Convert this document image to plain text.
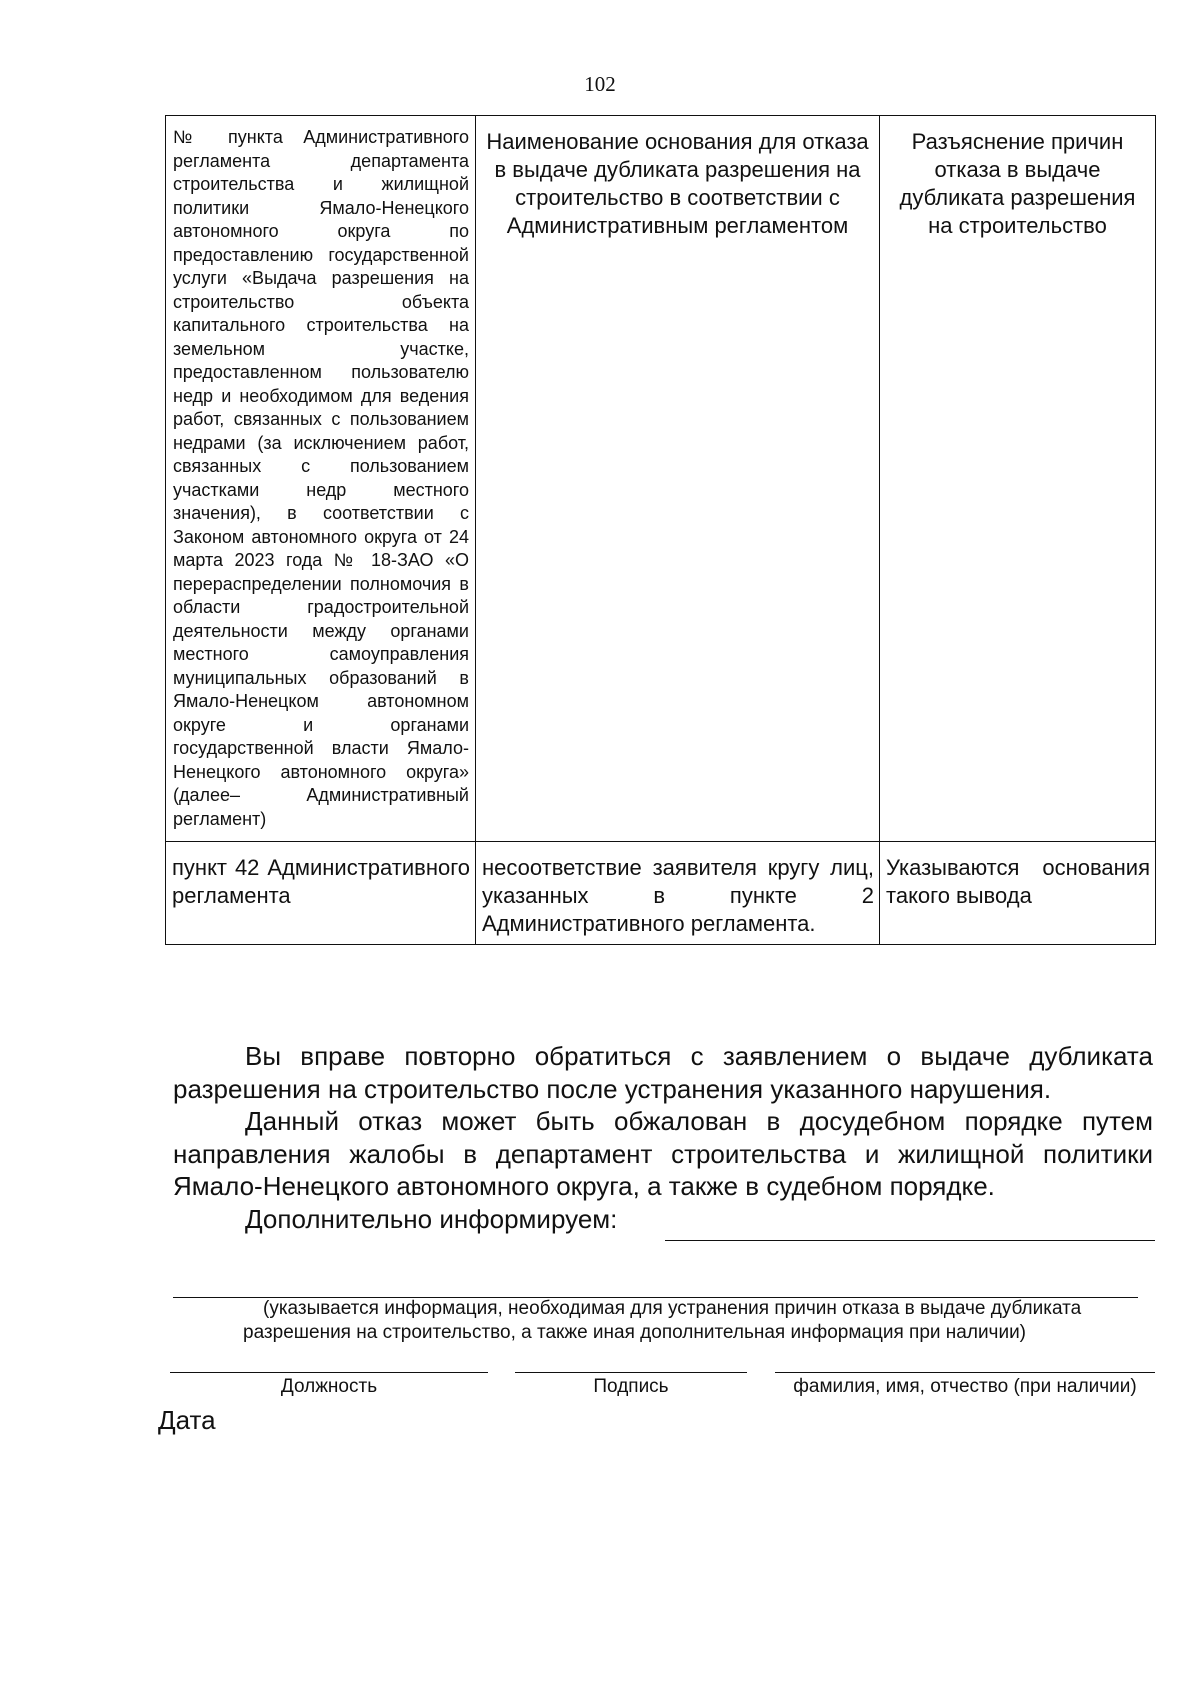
102
№ пункта Административного регламента департамента строительства и жилищной политики Ямало-Ненецкого автономного округа по предоставлению государственной услуги «Выдача разрешения на строительство объекта капитального строительства на земельном участке, предоставленном пользователю недр и необходимом для ведения работ, связанных с пользованием недрами (за исключением работ, связанных с пользованием участками недр местного значения), в соответствии с Законом автономного округа от 24 марта 2023 года № 18-ЗАО «О перераспределении полномочия в области градостроительной деятельности между органами местного самоуправления муниципальных образований в Ямало-Ненецком автономном округе и органами государственной власти Ямало-Ненецкого автономного округа» (далее– Административный регламент)	Наименование основания для отказа в выдаче дубликата разрешения на строительство в соответствии с Административным регламентом	Разъяснение причин отказа в выдаче дубликата разрешения на строительство
пункт 42 Административного регламента	несоответствие заявителя кругу лиц, указанных в пункте 2 Административного регламента.	Указываются основания такого вывода

Вы вправе повторно обратиться с заявлением о выдаче дубликата разрешения на строительство после устранения указанного нарушения.

Данный отказ может быть обжалован в досудебном порядке путем направления жалобы в департамент строительства и жилищной политики Ямало-Ненецкого автономного округа, а также в судебном порядке.

Дополнительно информируем:

(указывается информация, необходимая для устранения причин отказа в выдаче дубликата
разрешения на строительство, а также иная дополнительная информация при наличии)
Должность	Подпись	фамилия, имя, отчество (при наличии)
Дата
